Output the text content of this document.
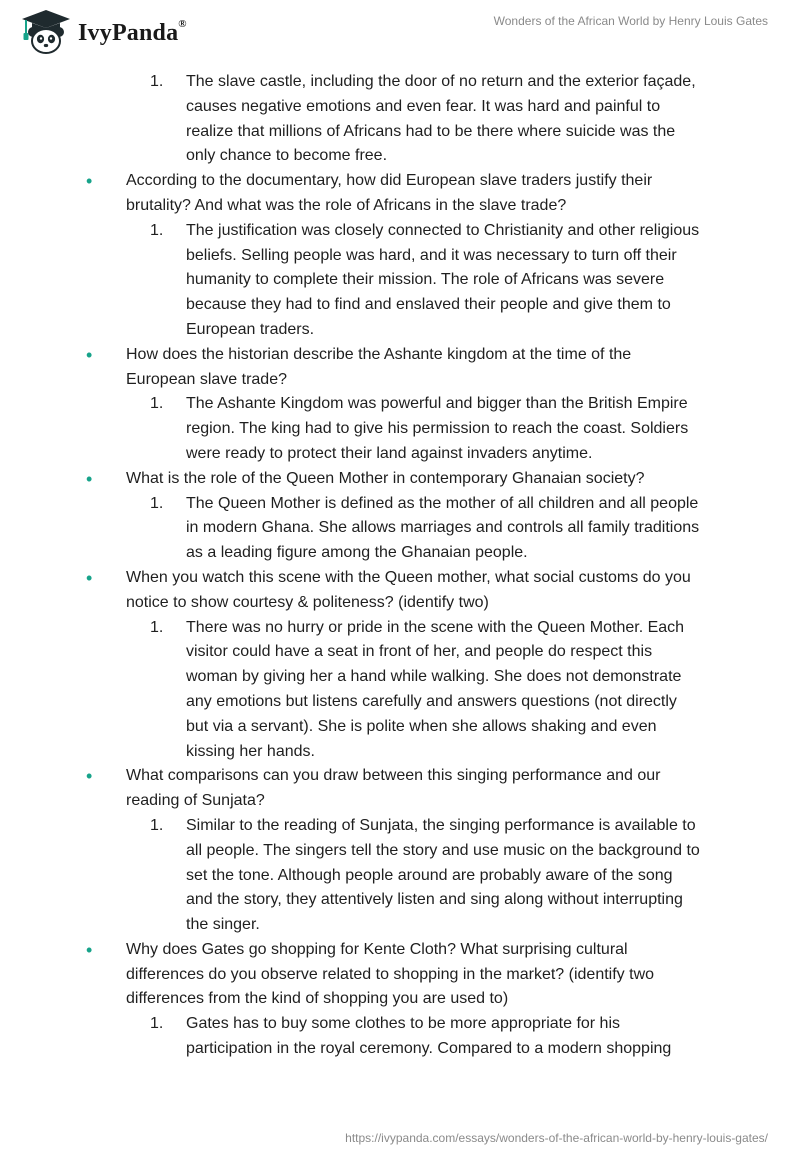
IvyPanda®	Wonders of the African World by Henry Louis Gates
1. The slave castle, including the door of no return and the exterior façade,
causes negative emotions and even fear. It was hard and painful to
realize that millions of Africans had to be there where suicide was the
only chance to become free.
• According to the documentary, how did European slave traders justify their
brutality? And what was the role of Africans in the slave trade?
1. The justification was closely connected to Christianity and other religious
beliefs. Selling people was hard, and it was necessary to turn off their
humanity to complete their mission. The role of Africans was severe
because they had to find and enslaved their people and give them to
European traders.
• How does the historian describe the Ashante kingdom at the time of the
European slave trade?
1. The Ashante Kingdom was powerful and bigger than the British Empire
region. The king had to give his permission to reach the coast. Soldiers
were ready to protect their land against invaders anytime.
• What is the role of the Queen Mother in contemporary Ghanaian society?
1. The Queen Mother is defined as the mother of all children and all people
in modern Ghana. She allows marriages and controls all family traditions
as a leading figure among the Ghanaian people.
• When you watch this scene with the Queen mother, what social customs do you
notice to show courtesy & politeness? (identify two)
1. There was no hurry or pride in the scene with the Queen Mother. Each
visitor could have a seat in front of her, and people do respect this
woman by giving her a hand while walking. She does not demonstrate
any emotions but listens carefully and answers questions (not directly
but via a servant). She is polite when she allows shaking and even
kissing her hands.
• What comparisons can you draw between this singing performance and our
reading of Sunjata?
1. Similar to the reading of Sunjata, the singing performance is available to
all people. The singers tell the story and use music on the background to
set the tone. Although people around are probably aware of the song
and the story, they attentively listen and sing along without interrupting
the singer.
• Why does Gates go shopping for Kente Cloth? What surprising cultural
differences do you observe related to shopping in the market? (identify two
differences from the kind of shopping you are used to)
1. Gates has to buy some clothes to be more appropriate for his
participation in the royal ceremony. Compared to a modern shopping
https://ivypanda.com/essays/wonders-of-the-african-world-by-henry-louis-gates/
